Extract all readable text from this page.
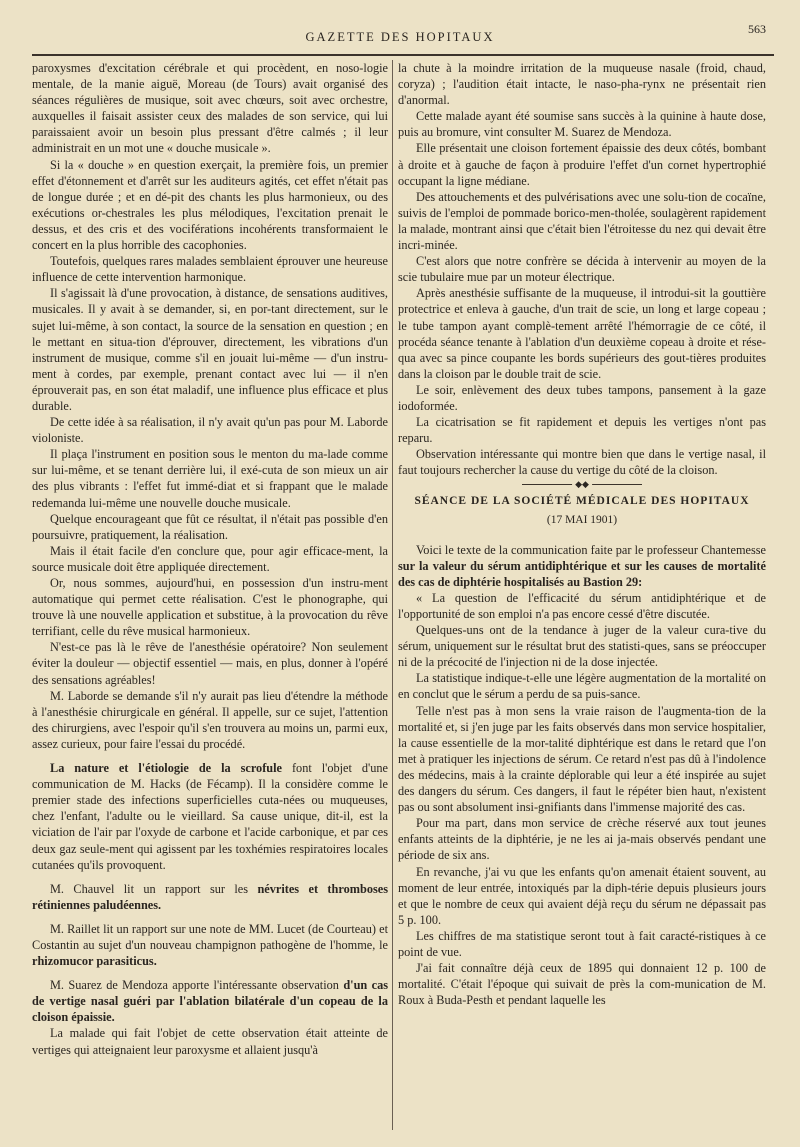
GAZETTE DES HOPITAUX
563

paroxysmes d'excitation cérébrale et qui procèdent, en noso-logie mentale, de la manie aiguë, Moreau (de Tours) avait organisé des séances régulières de musique, soit avec chœurs, soit avec orchestre, auxquelles il faisait assister ceux des malades de son service, qui lui paraissaient avoir un besoin plus pressant d'être calmés ; il leur administrait en un mot une « douche musicale ».

Si la « douche » en question exerçait, la première fois, un premier effet d'étonnement et d'arrêt sur les auditeurs agités, cet effet n'était pas de longue durée ; et en dé-pit des chants les plus harmonieux, ou des exécutions or-chestrales les plus mélodiques, l'excitation prenait le dessus, et des cris et des vociférations incohérents transformaient le concert en la plus horrible des cacophonies.

Toutefois, quelques rares malades semblaient éprouver une heureuse influence de cette intervention harmonique.

Il s'agissait là d'une provocation, à distance, de sensations auditives, musicales. Il y avait à se demander, si, en por-tant directement, sur le sujet lui-même, à son contact, la source de la sensation en question ; en le mettant en situa-tion d'éprouver, directement, les vibrations d'un instrument de musique, comme s'il en jouait lui-même — d'un instru-ment à cordes, par exemple, prenant contact avec lui — il n'en éprouverait pas, en son état maladif, une influence plus efficace et plus durable.

De cette idée à sa réalisation, il n'y avait qu'un pas pour M. Laborde violoniste.

Il plaça l'instrument en position sous le menton du ma-lade comme sur lui-même, et se tenant derrière lui, il exé-cuta de son mieux un air des plus vibrants : l'effet fut immé-diat et si frappant que le malade redemanda lui-même une nouvelle douche musicale.

Quelque encourageant que fût ce résultat, il n'était pas possible d'en poursuivre, pratiquement, la réalisation.

Mais il était facile d'en conclure que, pour agir efficace-ment, la source musicale doit être appliquée directement.

Or, nous sommes, aujourd'hui, en possession d'un instru-ment automatique qui permet cette réalisation. C'est le phonographe, qui trouve là une nouvelle application et substitue, à la provocation du rêve terrifiant, celle du rêve musical harmonieux.

N'est-ce pas là le rêve de l'anesthésie opératoire? Non seulement éviter la douleur — objectif essentiel — mais, en plus, donner à l'opéré des sensations agréables!

M. Laborde se demande s'il n'y aurait pas lieu d'étendre la méthode à l'anesthésie chirurgicale en général. Il appelle, sur ce sujet, l'attention des chirurgiens, avec l'espoir qu'il s'en trouvera au moins un, parmi eux, assez curieux, pour faire l'essai du procédé.

La nature et l'étiologie de la scrofule font l'objet d'une communication de M. Hacks (de Fécamp). Il la considère comme le premier stade des infections superficielles cuta-nées ou muqueuses, chez l'enfant, l'adulte ou le vieillard. Sa cause unique, dit-il, est la viciation de l'air par l'oxyde de carbone et l'acide carbonique, et par ces deux gaz seule-ment qui agissent par les toxhémies respiratoires locales cutanées qu'ils provoquent.

M. Chauvel lit un rapport sur les névrites et thromboses rétiniennes paludéennes.

M. Raillet lit un rapport sur une note de MM. Lucet (de Courteau) et Costantin au sujet d'un nouveau champignon pathogène de l'homme, le rhizomucor parasiticus.

M. Suarez de Mendoza apporte l'intéressante observation d'un cas de vertige nasal guéri par l'ablation bilatérale d'un copeau de la cloison épaissie.

La malade qui fait l'objet de cette observation était atteinte de vertiges qui atteignaient leur paroxysme et allaient jusqu'à

la chute à la moindre irritation de la muqueuse nasale (froid, chaud, coryza) ; l'audition était intacte, le naso-pha-rynx ne présentait rien d'anormal.

Cette malade ayant été soumise sans succès à la quinine à haute dose, puis au bromure, vint consulter M. Suarez de Mendoza.

Elle présentait une cloison fortement épaissie des deux côtés, bombant à droite et à gauche de façon à produire l'effet d'un cornet hypertrophié occupant la ligne médiane.

Des attouchements et des pulvérisations avec une solu-tion de cocaïne, suivis de l'emploi de pommade borico-men-tholée, soulagèrent rapidement la malade, montrant ainsi que c'était bien l'étroitesse du nez qui devait être incri-minée.

C'est alors que notre confrère se décida à intervenir au moyen de la scie tubulaire mue par un moteur électrique.

Après anesthésie suffisante de la muqueuse, il introdui-sit la gouttière protectrice et enleva à gauche, d'un trait de scie, un long et large copeau ; le tube tampon ayant complè-tement arrêté l'hémorragie de ce côté, il procéda séance tenante à l'ablation d'un deuxième copeau à droite et rése-qua avec sa pince coupante les bords supérieurs des gout-tières produites dans la cloison par le double trait de scie.

Le soir, enlèvement des deux tubes tampons, pansement à la gaze iodoformée.

La cicatrisation se fit rapidement et depuis les vertiges n'ont pas reparu.

Observation intéressante qui montre bien que dans le vertige nasal, il faut toujours rechercher la cause du vertige du côté de la cloison.

◆◆

SÉANCE DE LA SOCIÉTÉ MÉDICALE DES HOPITAUX

(17 MAI 1901)

Voici le texte de la communication faite par le professeur Chantemesse sur la valeur du sérum antidiphtérique et sur les causes de mortalité des cas de diphtérie hospitalisés au Bastion 29:

« La question de l'efficacité du sérum antidiphtérique et de l'opportunité de son emploi n'a pas encore cessé d'être discutée.

Quelques-uns ont de la tendance à juger de la valeur cura-tive du sérum, uniquement sur le résultat brut des statisti-ques, sans se préoccuper ni de la précocité de l'injection ni de la dose injectée.

La statistique indique-t-elle une légère augmentation de la mortalité on en conclut que le sérum a perdu de sa puis-sance.

Telle n'est pas à mon sens la vraie raison de l'augmenta-tion de la mortalité et, si j'en juge par les faits observés dans mon service hospitalier, la cause essentielle de la mor-talité diphtérique est dans le retard que l'on met à pratiquer les injections de sérum. Ce retard n'est pas dû à l'indolence des médecins, mais à la crainte déplorable qui leur a été inspirée au sujet des dangers du sérum. Ces dangers, il faut le répéter bien haut, n'existent pas ou sont absolument insi-gnifiants dans l'immense majorité des cas.

Pour ma part, dans mon service de crèche réservé aux tout jeunes enfants atteints de la diphtérie, je ne les ai ja-mais observés pendant une période de six ans.

En revanche, j'ai vu que les enfants qu'on amenait étaient souvent, au moment de leur entrée, intoxiqués par la diph-térie depuis plusieurs jours et que le nombre de ceux qui avaient déjà reçu du sérum ne dépassait pas 5 p. 100.

Les chiffres de ma statistique seront tout à fait caracté-ristiques à ce point de vue.

J'ai fait connaître déjà ceux de 1895 qui donnaient 12 p. 100 de mortalité. C'était l'époque qui suivait de près la com-munication de M. Roux à Buda-Pesth et pendant laquelle les
